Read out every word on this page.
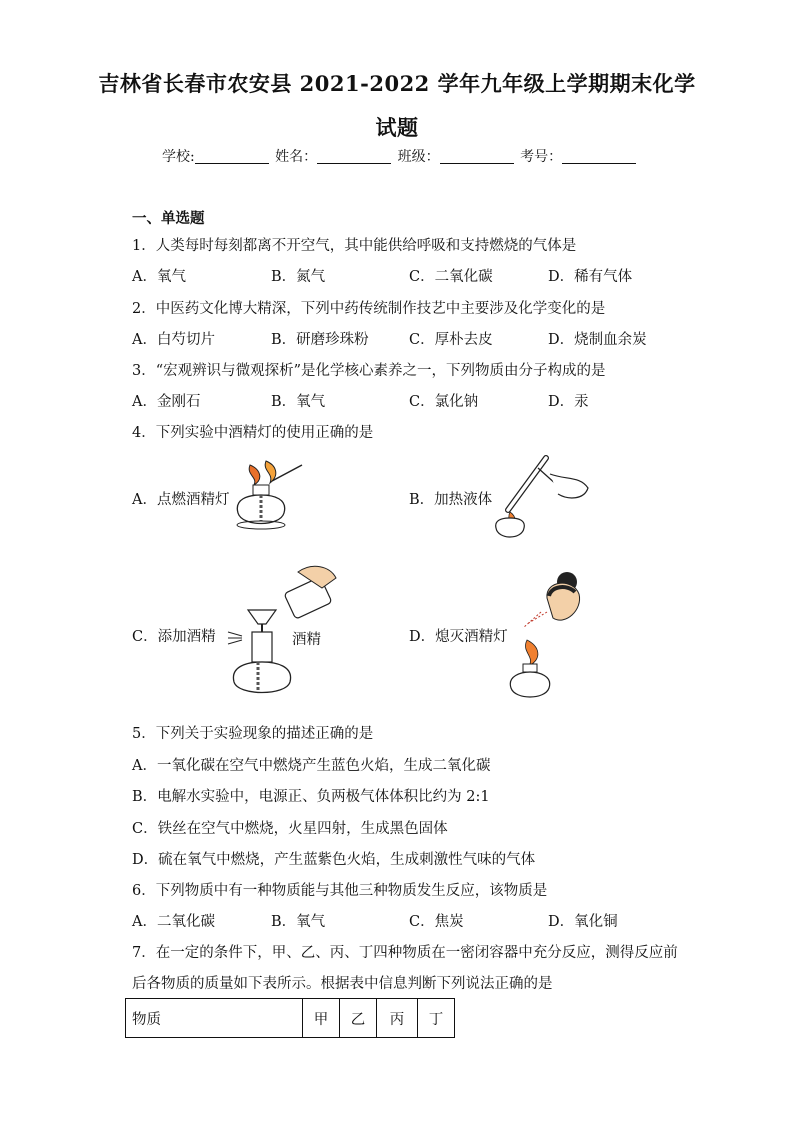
吉林省长春市农安县 2021-2022 学年九年级上学期期末化学
试题
学校:	姓名：	班级：	考号：
一、单选题
1．人类每时每刻都离不开空气，其中能供给呼吸和支持燃烧的气体是
A．氧气	B．氮气	C．二氧化碳	D．稀有气体
2．中医药文化博大精深，下列中药传统制作技艺中主要涉及化学变化的是
A．白芍切片	B．研磨珍珠粉	C．厚朴去皮	D．烧制血余炭
3．“宏观辨识与微观探析”是化学核心素养之一，下列物质由分子构成的是
A．金刚石	B．氧气	C．氯化钠	D．汞
4．下列实验中酒精灯的使用正确的是
A．点燃酒精灯	B．加热液体
C．添加酒精	酒精	D．熄灭酒精灯
5．下列关于实验现象的描述正确的是
A．一氧化碳在空气中燃烧产生蓝色火焰，生成二氧化碳
B．电解水实验中，电源正、负两极气体体积比约为 2:1
C．铁丝在空气中燃烧，火星四射，生成黑色固体
D．硫在氧气中燃烧，产生蓝紫色火焰，生成刺激性气味的气体
6．下列物质中有一种物质能与其他三种物质发生反应，该物质是
A．二氧化碳	B．氧气	C．焦炭	D．氧化铜
7．在一定的条件下，甲、乙、丙、丁四种物质在一密闭容器中充分反应，测得反应前
后各物质的质量如下表所示。根据表中信息判断下列说法正确的是
物质	甲	乙	丙	丁
